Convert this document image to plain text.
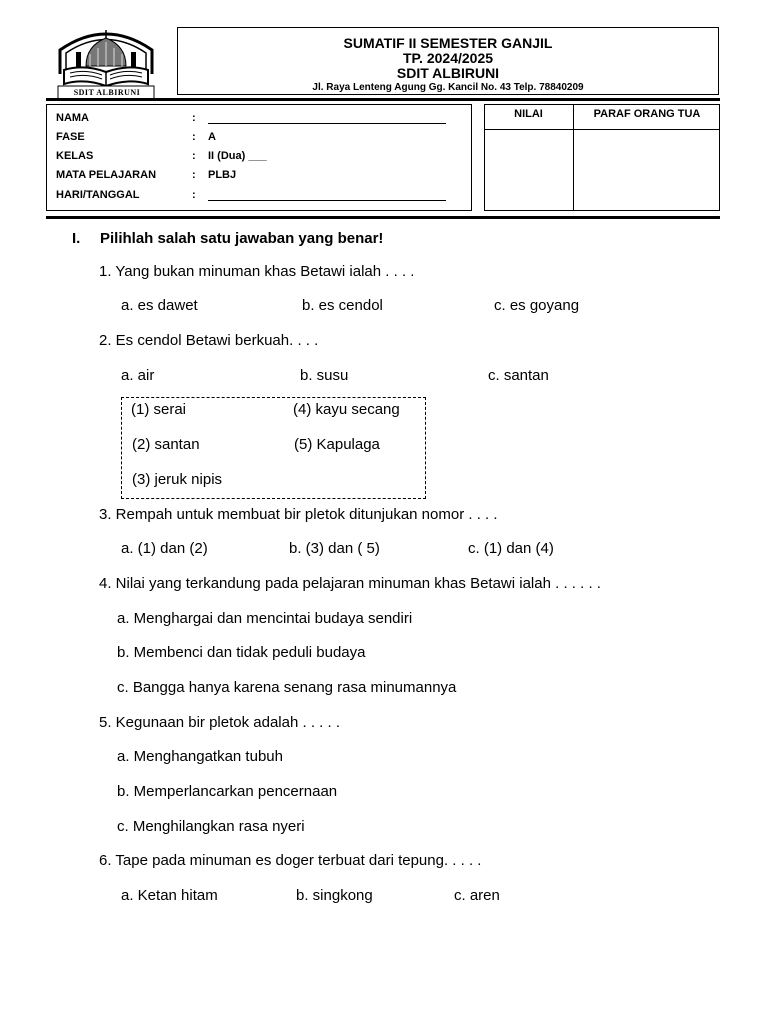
SDIT ALBIRUNI
SUMATIF II SEMESTER GANJIL
TP. 2024/2025
SDIT ALBIRUNI
Jl. Raya Lenteng Agung Gg. Kancil No. 43 Telp. 78840209
NAMA	:
FASE	: A
KELAS	: II (Dua) ___
MATA PELAJARAN	: PLBJ
HARI/TANGGAL	:
NILAI	PARAF ORANG TUA
I. Pilihlah salah satu jawaban yang benar!
1. Yang bukan minuman khas Betawi ialah . . . .
a. es dawet	b. es cendol	c. es goyang
2. Es cendol Betawi berkuah. . . .
a. air	b. susu	c. santan
(1) serai	(4) kayu secang
(2) santan	(5) Kapulaga
(3) jeruk nipis
3. Rempah untuk membuat bir pletok ditunjukan nomor . . . .
a. (1) dan (2)	b. (3) dan ( 5)	c. (1) dan (4)
4. Nilai yang terkandung pada pelajaran minuman khas Betawi ialah . . . . . .
a. Menghargai dan mencintai budaya sendiri
b. Membenci dan tidak peduli budaya
c. Bangga hanya karena senang rasa minumannya
5. Kegunaan bir pletok adalah . . . . .
a. Menghangatkan tubuh
b. Memperlancarkan pencernaan
c. Menghilangkan rasa nyeri
6. Tape pada minuman es doger terbuat dari tepung. . . . .
a. Ketan hitam	b. singkong	c. aren
